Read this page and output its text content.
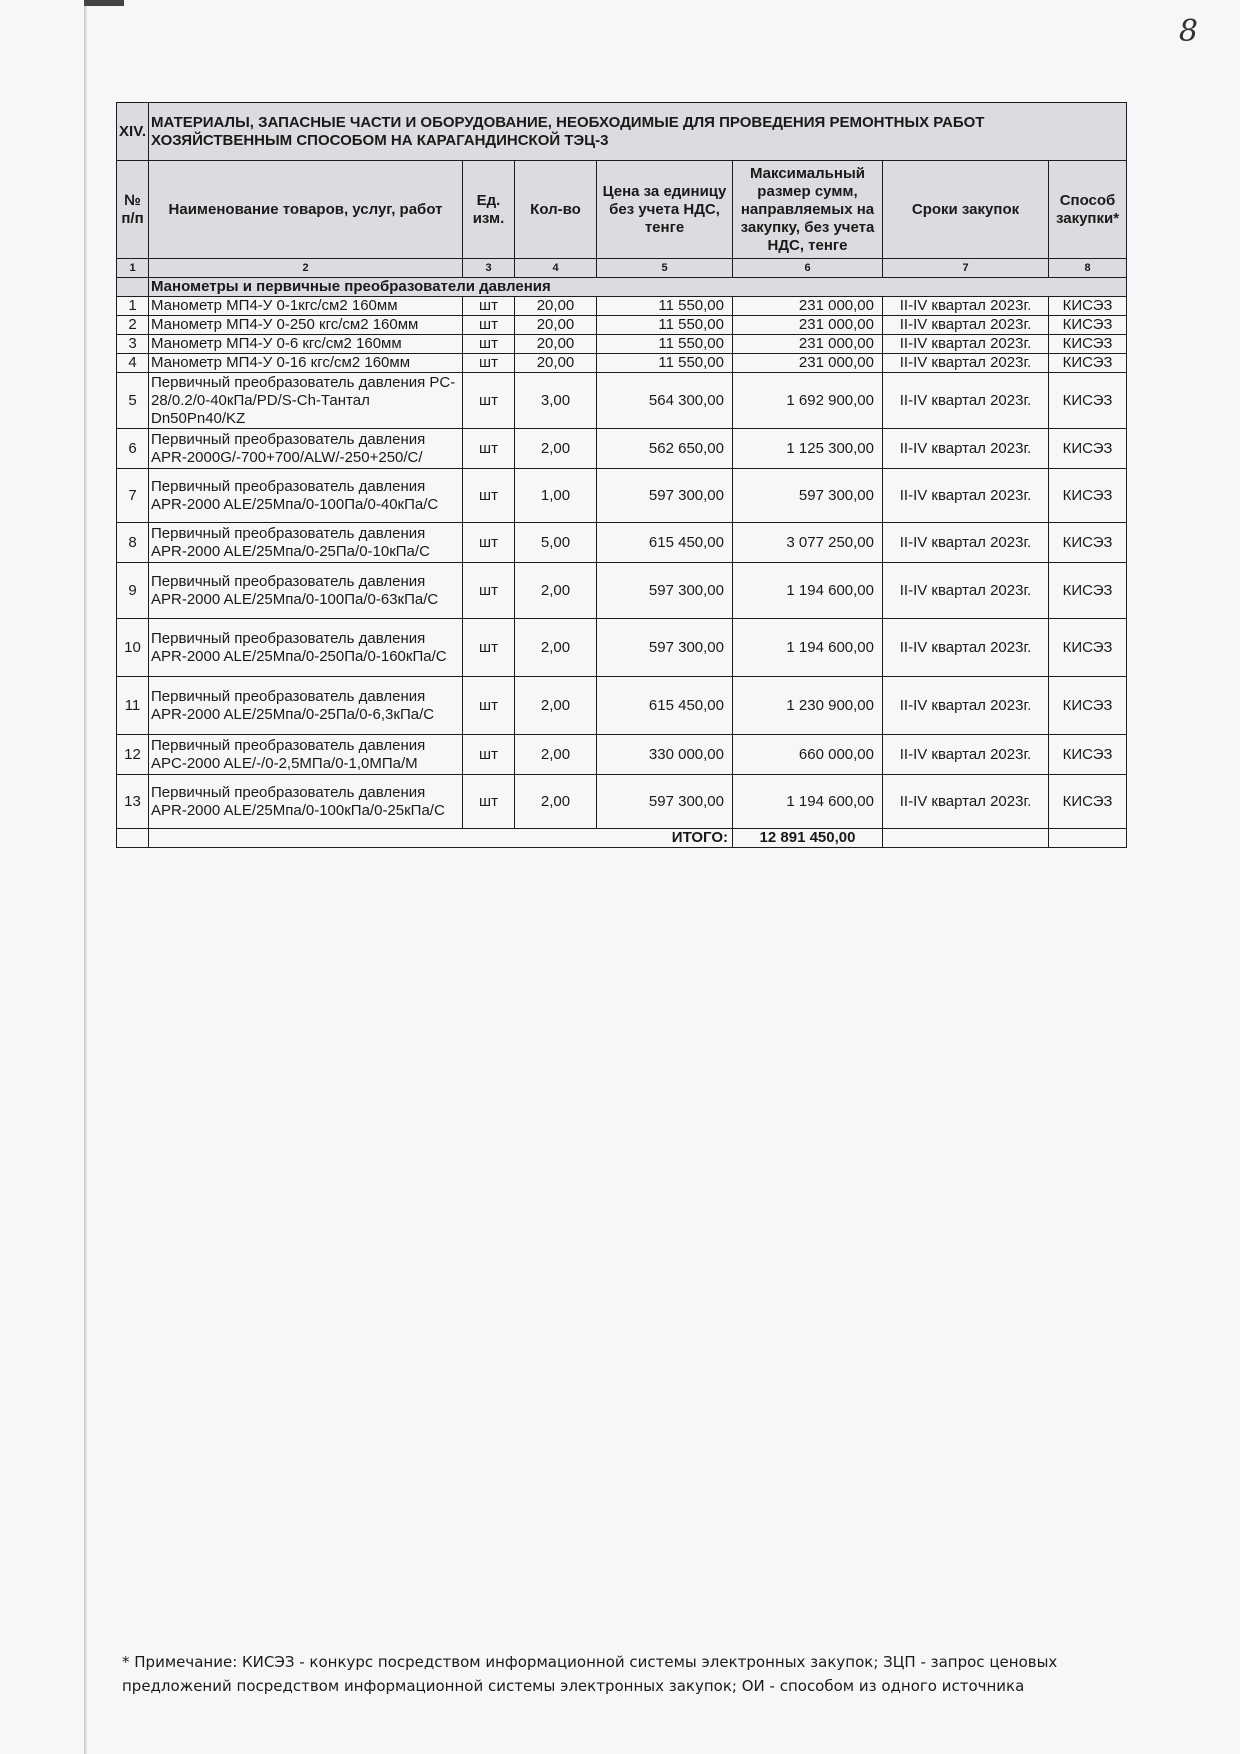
8
XIV.	МАТЕРИАЛЫ, ЗАПАСНЫЕ ЧАСТИ И ОБОРУДОВАНИЕ, НЕОБХОДИМЫЕ ДЛЯ ПРОВЕДЕНИЯ РЕМОНТНЫХ РАБОТ ХОЗЯЙСТВЕННЫМ СПОСОБОМ НА КАРАГАНДИНСКОЙ ТЭЦ-3						
№ п/п	Наименование товаров, услуг, работ	Ед. изм.	Кол-во	Цена за единицу без учета НДС, тенге	Максимальный размер сумм, направляемых на закупку, без учета НДС, тенге	Сроки закупок	Способ закупки*
1	2	3	4	5	6	7	8
	Манометры и первичные преобразователи давления						
1	Манометр МП4-У 0-1кгс/см2 160мм	шт	20,00	11 550,00	231 000,00	II-IV квартал 2023г.	КИСЭЗ
2	Манометр МП4-У 0-250 кгс/см2 160мм	шт	20,00	11 550,00	231 000,00	II-IV квартал 2023г.	КИСЭЗ
3	Манометр МП4-У 0-6 кгс/см2 160мм	шт	20,00	11 550,00	231 000,00	II-IV квартал 2023г.	КИСЭЗ
4	Манометр МП4-У 0-16 кгс/см2 160мм	шт	20,00	11 550,00	231 000,00	II-IV квартал 2023г.	КИСЭЗ
5	Первичный преобразователь давления PC-28/0.2/0-40кПа/PD/S-Ch-Тантал Dn50Pn40/KZ	шт	3,00	564 300,00	1 692 900,00	II-IV квартал 2023г.	КИСЭЗ
6	Первичный преобразователь давления APR-2000G/-700+700/ALW/-250+250/C/	шт	2,00	562 650,00	1 125 300,00	II-IV квартал 2023г.	КИСЭЗ
7	Первичный преобразователь давления APR-2000 ALE/25Мпа/0-100Па/0-40кПа/С	шт	1,00	597 300,00	597 300,00	II-IV квартал 2023г.	КИСЭЗ
8	Первичный преобразователь давления APR-2000 ALE/25Мпа/0-25Па/0-10кПа/С	шт	5,00	615 450,00	3 077 250,00	II-IV квартал 2023г.	КИСЭЗ
9	Первичный преобразователь давления APR-2000 ALE/25Мпа/0-100Па/0-63кПа/С	шт	2,00	597 300,00	1 194 600,00	II-IV квартал 2023г.	КИСЭЗ
10	Первичный преобразователь давления APR-2000 ALE/25Мпа/0-250Па/0-160кПа/С	шт	2,00	597 300,00	1 194 600,00	II-IV квартал 2023г.	КИСЭЗ
11	Первичный преобразователь давления APR-2000 ALE/25Мпа/0-25Па/0-6,3кПа/С	шт	2,00	615 450,00	1 230 900,00	II-IV квартал 2023г.	КИСЭЗ
12	Первичный преобразователь давления APC-2000 ALE/-/0-2,5МПа/0-1,0МПа/М	шт	2,00	330 000,00	660 000,00	II-IV квартал 2023г.	КИСЭЗ
13	Первичный преобразователь давления APR-2000 ALE/25Мпа/0-100кПа/0-25кПа/С	шт	2,00	597 300,00	1 194 600,00	II-IV квартал 2023г.	КИСЭЗ
	ИТОГО:				12 891 450,00		
* Примечание: КИСЭЗ - конкурс посредством информационной системы электронных закупок; ЗЦП - запрос ценовых предложений посредством информационной системы электронных закупок; ОИ - способом из одного источника
